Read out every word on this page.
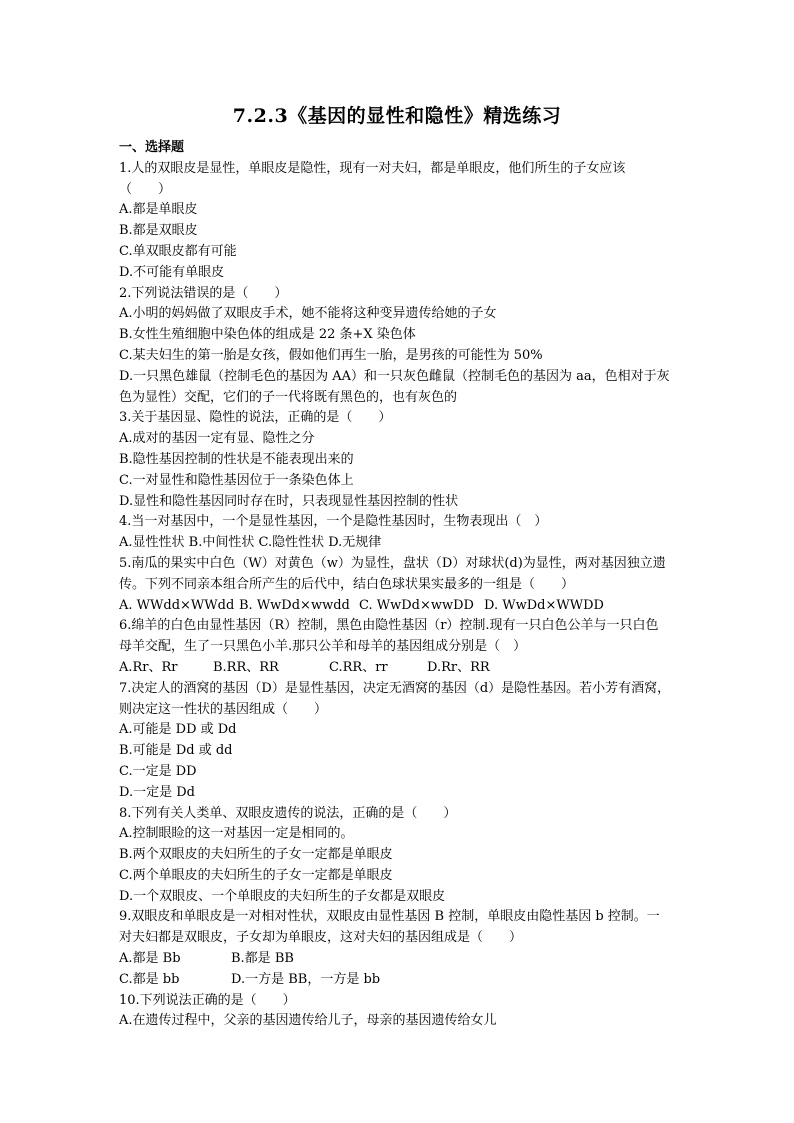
7.2.3《基因的显性和隐性》精选练习
一、选择题
1.人的双眼皮是显性，单眼皮是隐性，现有一对夫妇，都是单眼皮，他们所生的子女应该
（　　）
A.都是单眼皮
B.都是双眼皮
C.单双眼皮都有可能
D.不可能有单眼皮
2.下列说法错误的是（　　）
A.小明的妈妈做了双眼皮手术，她不能将这种变异遗传给她的子女
B.女性生殖细胞中染色体的组成是 22 条+X 染色体
C.某夫妇生的第一胎是女孩，假如他们再生一胎，是男孩的可能性为 50%
D.一只黑色雄鼠（控制毛色的基因为 AA）和一只灰色雌鼠（控制毛色的基因为 aa，色相对于灰
色为显性）交配，它们的子一代将既有黑色的，也有灰色的
3.关于基因显、隐性的说法，正确的是（　　）
A.成对的基因一定有显、隐性之分
B.隐性基因控制的性状是不能表现出来的
C.一对显性和隐性基因位于一条染色体上
D.显性和隐性基因同时存在时，只表现显性基因控制的性状
4.当一对基因中，一个是显性基因，一个是隐性基因时，生物表现出（　）
A.显性性状 B.中间性状 C.隐性性状 D.无规律
5.南瓜的果实中白色（W）对黄色（w）为显性，盘状（D）对球状(d)为显性，两对基因独立遗
传。下列不同亲本组合所产生的后代中，结白色球状果实最多的一组是（　　）
A. WWdd×WWdd B. WwDd×wwdd C. WwDd×wwDD D. WwDd×WWDD
6.绵羊的白色由显性基因（R）控制，黑色由隐性基因（r）控制.现有一只白色公羊与一只白色
母羊交配，生了一只黑色小羊.那只公羊和母羊的基因组成分别是（　）
A.Rr、Rr	B.RR、RR	C.RR、rr	D.Rr、RR
7.决定人的酒窝的基因（D）是显性基因，决定无酒窝的基因（d）是隐性基因。若小芳有酒窝，
则决定这一性状的基因组成（　　）
A.可能是 DD 或 Dd
B.可能是 Dd 或 dd
C.一定是 DD
D.一定是 Dd
8.下列有关人类单、双眼皮遗传的说法，正确的是（　　）
A.控制眼睑的这一对基因一定是相同的。
B.两个双眼皮的夫妇所生的子女一定都是单眼皮
C.两个单眼皮的夫妇所生的子女一定都是单眼皮
D.一个双眼皮、一个单眼皮的夫妇所生的子女都是双眼皮
9.双眼皮和单眼皮是一对相对性状，双眼皮由显性基因 B 控制，单眼皮由隐性基因 b 控制。一
对夫妇都是双眼皮，子女却为单眼皮，这对夫妇的基因组成是（　　）
A.都是 Bb	B.都是 BB
C.都是 bb	D.一方是 BB，一方是 bb
10.下列说法正确的是（　　）
A.在遗传过程中，父亲的基因遗传给儿子，母亲的基因遗传给女儿
